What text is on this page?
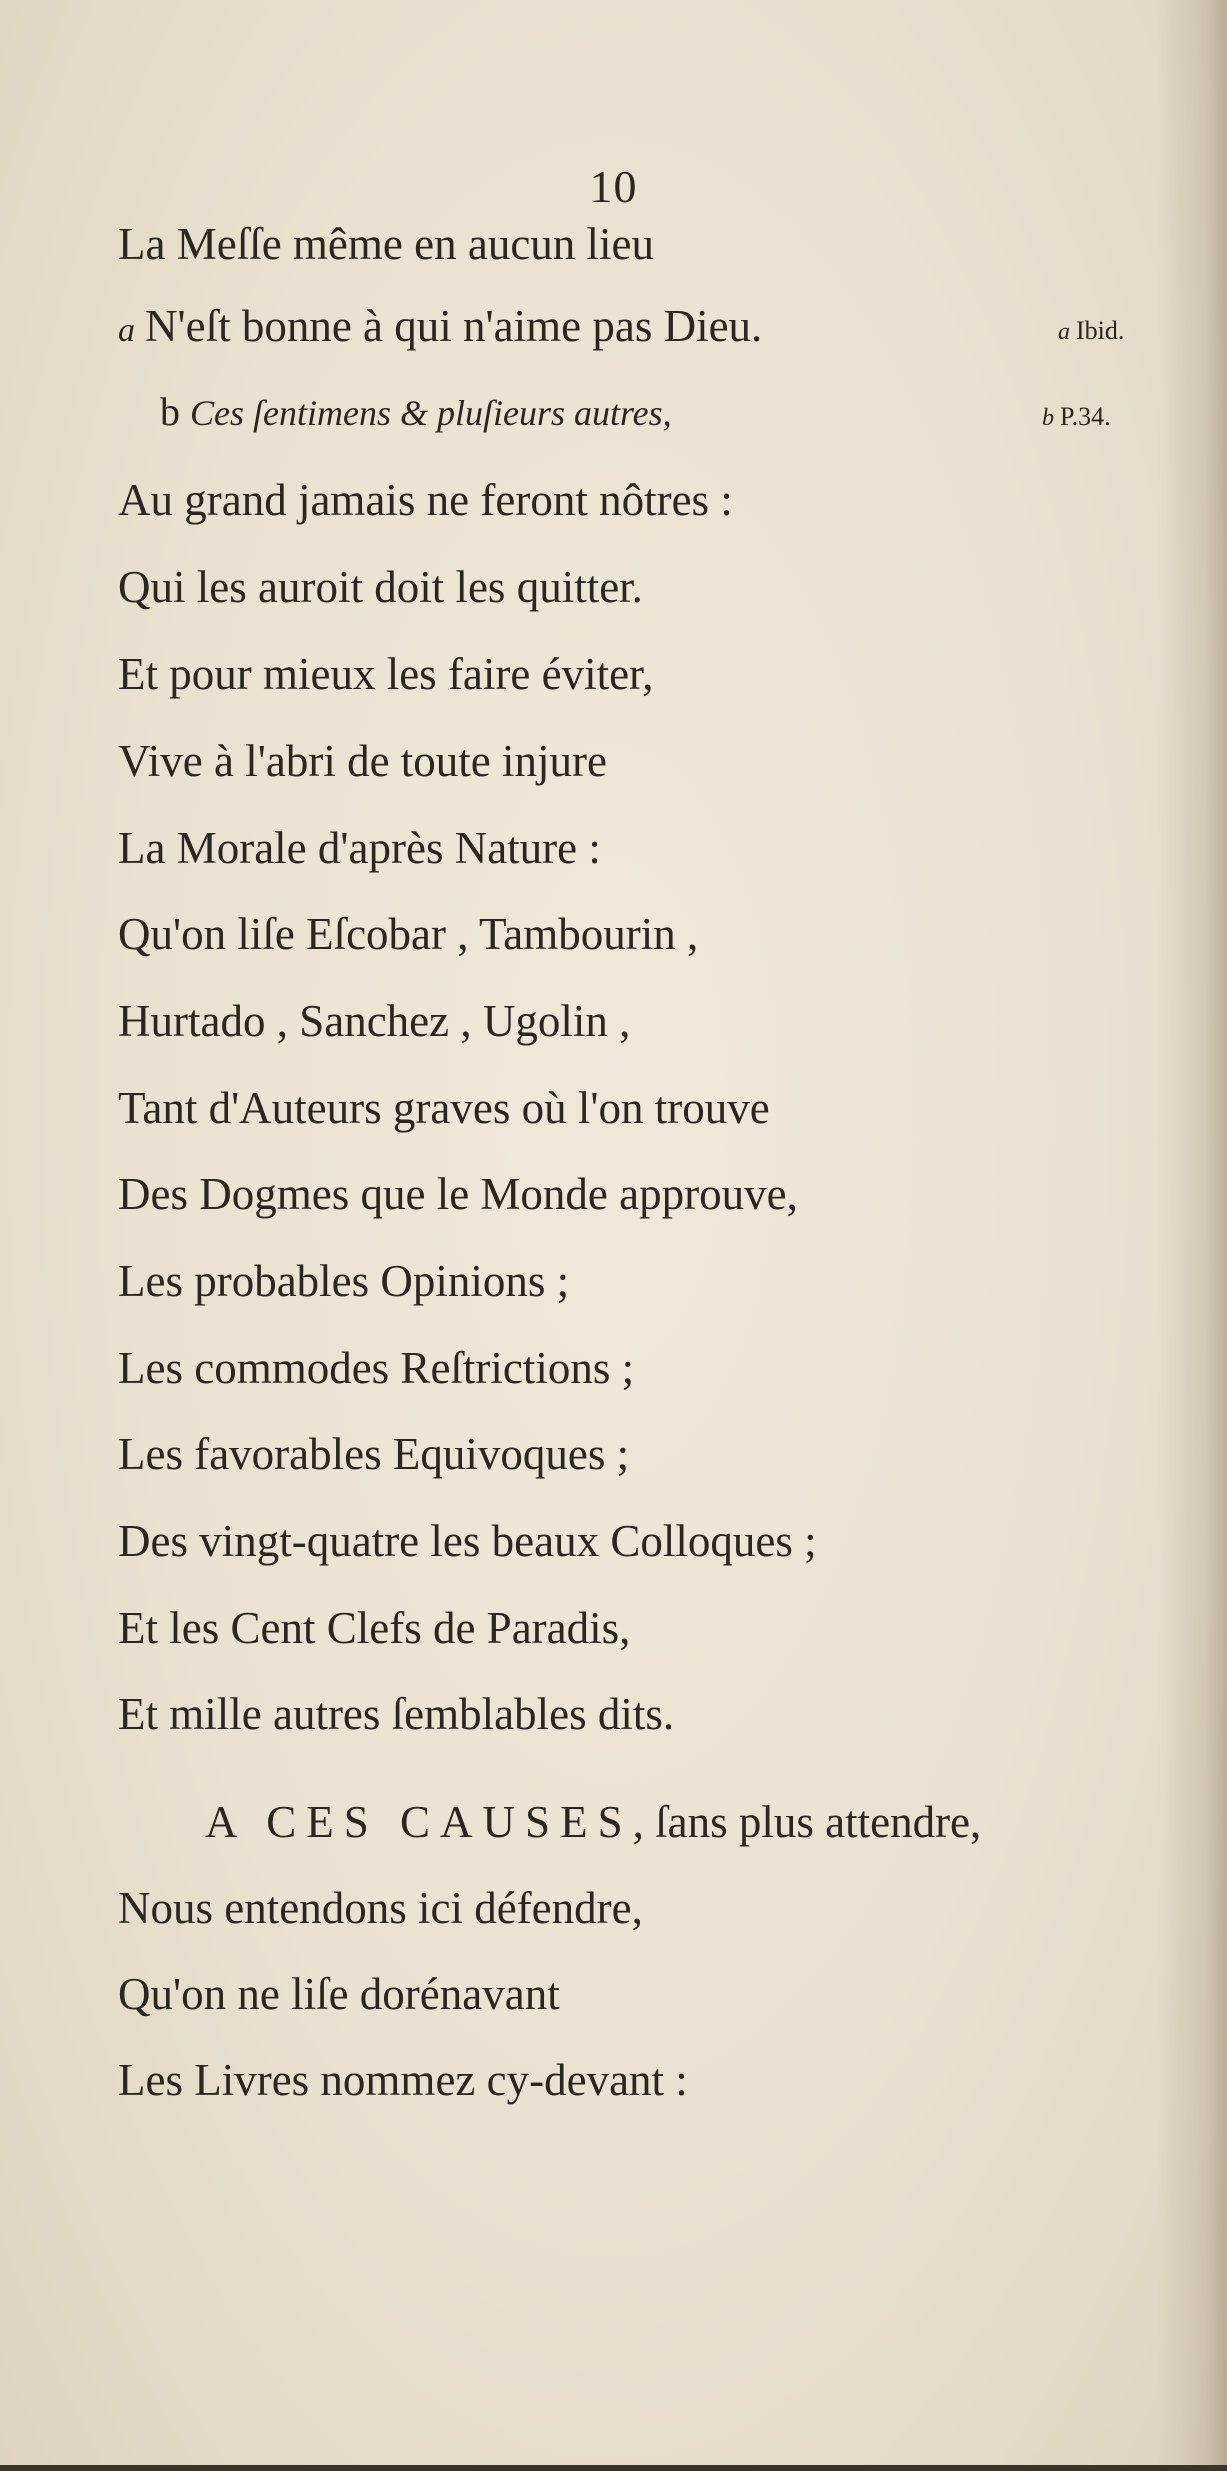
10
La Meſſe même en aucun lieu
a N'eſt bonne à qui n'aime pas Dieu.
b Ces ſentimens & pluſieurs autres,
Au grand jamais ne feront nôtres :
Qui les auroit doit les quitter.
Et pour mieux les faire éviter,
Vive à l'abri de toute injure
La Morale d'après Nature :
Qu'on liſe Eſcobar , Tambourin ,
Hurtado , Sanchez , Ugolin ,
Tant d'Auteurs graves où l'on trouve
Des Dogmes que le Monde approuve,
Les probables Opinions ;
Les commodes Reſtrictions ;
Les favorables Equivoques ;
Des vingt-quatre les beaux Colloques ;
Et les Cent Clefs de Paradis,
Et mille autres ſemblables dits.
a Ibid.
b P.34.
A CES CAUSES, ſans plus attendre,
Nous entendons ici défendre,
Qu'on ne liſe dorénavant
Les Livres nommez cy-devant :
